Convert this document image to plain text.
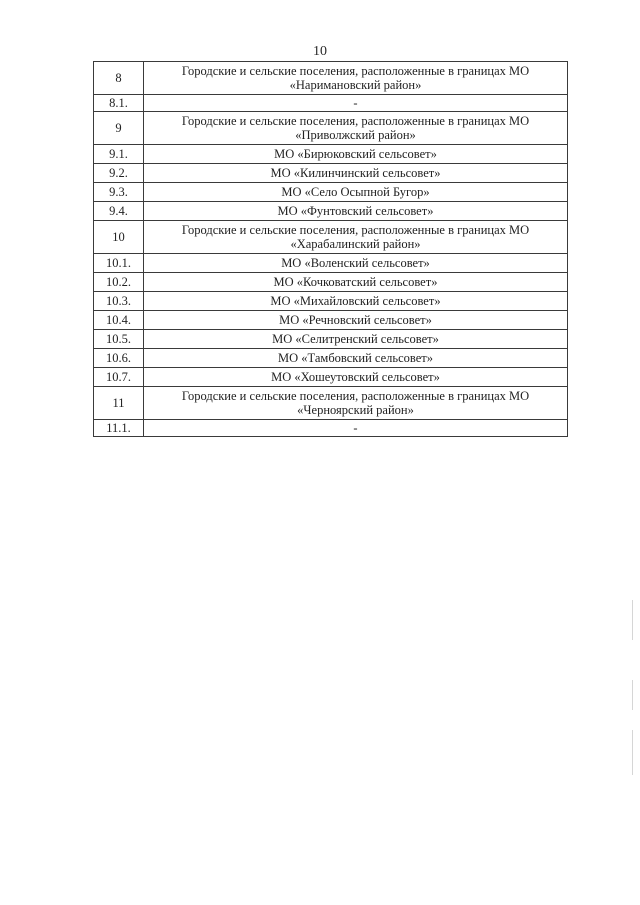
10
8	Городские и сельские поселения, расположенные в границах МО «Наримановский район»
8.1.	-
9	Городские и сельские поселения, расположенные в границах МО «Приволжский район»
9.1.	МО «Бирюковский сельсовет»
9.2.	МО «Килинчинский сельсовет»
9.3.	МО «Село Осыпной Бугор»
9.4.	МО «Фунтовский сельсовет»
10	Городские и сельские поселения, расположенные в границах МО «Харабалинский район»
10.1.	МО «Воленский сельсовет»
10.2.	МО «Кочковатский сельсовет»
10.3.	МО «Михайловский сельсовет»
10.4.	МО «Речновский сельсовет»
10.5.	МО «Селитренский сельсовет»
10.6.	МО «Тамбовский сельсовет»
10.7.	МО «Хошеутовский сельсовет»
11	Городские и сельские поселения, расположенные в границах МО «Черноярский район»
11.1.	-
